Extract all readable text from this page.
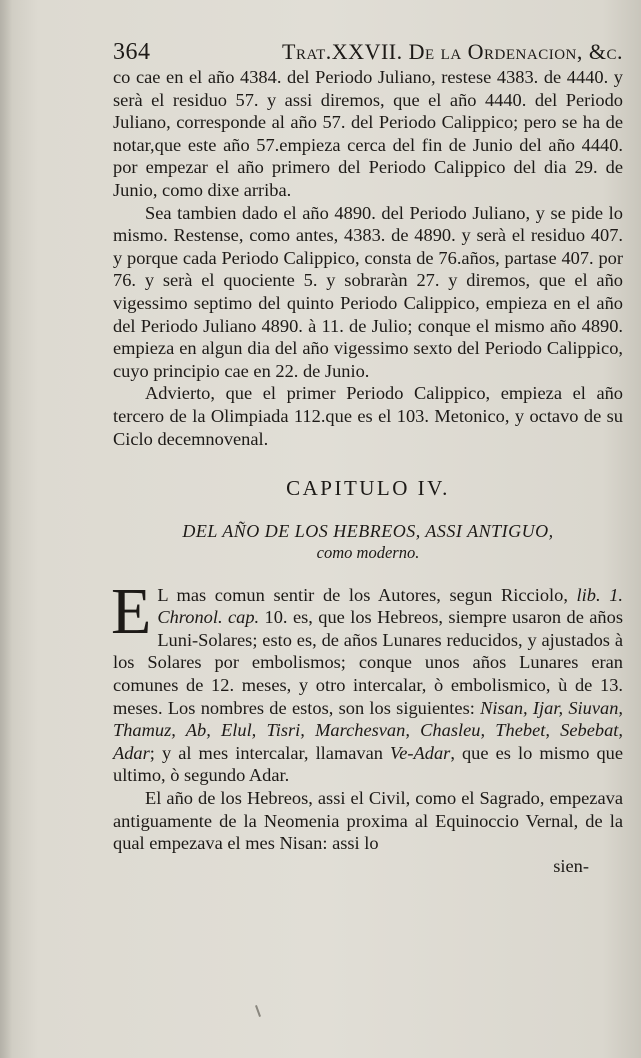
364	Trat.XXVII. De la Ordenacion, &c.

co cae en el año 4384. del Periodo Juliano, restese 4383. de 4440. y serà el residuo 57. y assi diremos, que el año 4440. del Periodo Juliano, corresponde al año 57. del Periodo Calippico; pero se ha de notar,que este año 57.empieza cerca del fin de Junio del año 4440. por empezar el año primero del Periodo Calippico del dia 29. de Junio, como dixe arriba.

Sea tambien dado el año 4890. del Periodo Juliano, y se pide lo mismo. Restense, como antes, 4383. de 4890. y serà el residuo 407. y porque cada Periodo Calippico, consta de 76.años, partase 407. por 76. y serà el quociente 5. y sobraràn 27. y diremos, que el año vigessimo septimo del quinto Periodo Calippico, empieza en el año del Periodo Juliano 4890. à 11. de Julio; conque el mismo año 4890. empieza en algun dia del año vigessimo sexto del Periodo Calippico, cuyo principio cae en 22. de Junio.

Advierto, que el primer Periodo Calippico, empieza el año tercero de la Olimpiada 112.que es el 103. Metonico, y octavo de su Ciclo decemnovenal.

CAPITULO IV.
DEL AÑO DE LOS HEBREOS, ASSI ANTIGUO,
como moderno.

E L mas comun sentir de los Autores, segun Ricciolo, lib. 1. Chronol. cap. 10. es, que los Hebreos, siempre usaron de años Luni-Solares; esto es, de años Lunares reducidos, y ajustados à los Solares por embolismos; conque unos años Lunares eran comunes de 12. meses, y otro intercalar, ò embolismico, ù de 13. meses. Los nombres de estos, son los siguientes: Nisan, Ijar, Siuvan, Thamuz, Ab, Elul, Tisri, Marchesvan, Chasleu, Thebet, Sebebat, Adar; y al mes intercalar, llamavan Ve-Adar, que es lo mismo que ultimo, ò segundo Adar.

El año de los Hebreos, assi el Civil, como el Sagrado, empezava antiguamente de la Neomenia proxima al Equinoccio Vernal, de la qual empezava el mes Nisan: assi lo

sien-
